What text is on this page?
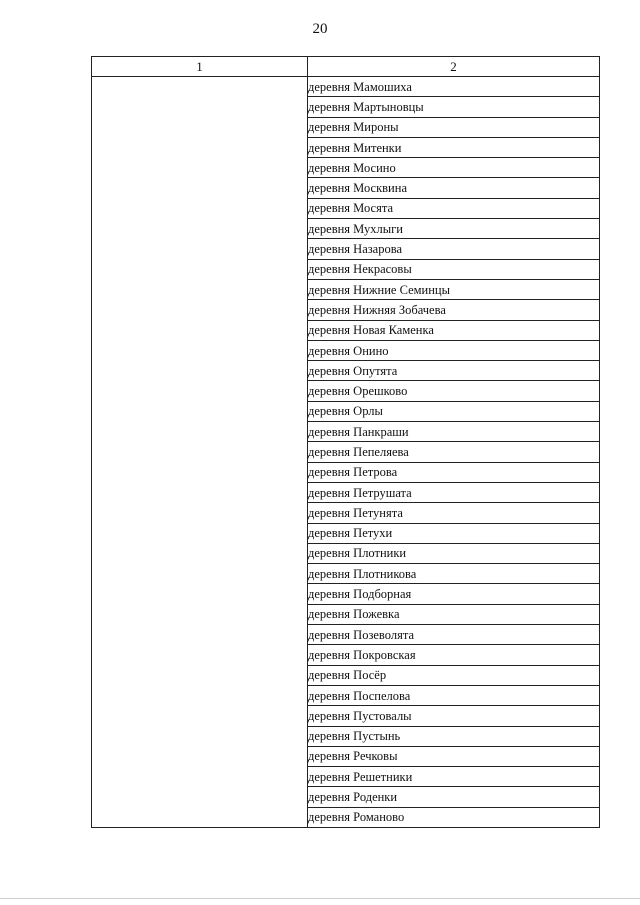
20
1	2
	деревня Мамошиха
	деревня Мартыновцы
	деревня Мироны
	деревня Митенки
	деревня Мосино
	деревня Москвина
	деревня Мосята
	деревня Мухлыги
	деревня Назарова
	деревня Некрасовы
	деревня Нижние Семинцы
	деревня Нижняя Зобачева
	деревня Новая Каменка
	деревня Онино
	деревня Опутята
	деревня Орешково
	деревня Орлы
	деревня Панкраши
	деревня Пепеляева
	деревня Петрова
	деревня Петрушата
	деревня Петунята
	деревня Петухи
	деревня Плотники
	деревня Плотникова
	деревня Подборная
	деревня Пожевка
	деревня Позеволята
	деревня Покровская
	деревня Посёр
	деревня Поспелова
	деревня Пустовалы
	деревня Пустынь
	деревня Речковы
	деревня Решетники
	деревня Роденки
	деревня Романово
